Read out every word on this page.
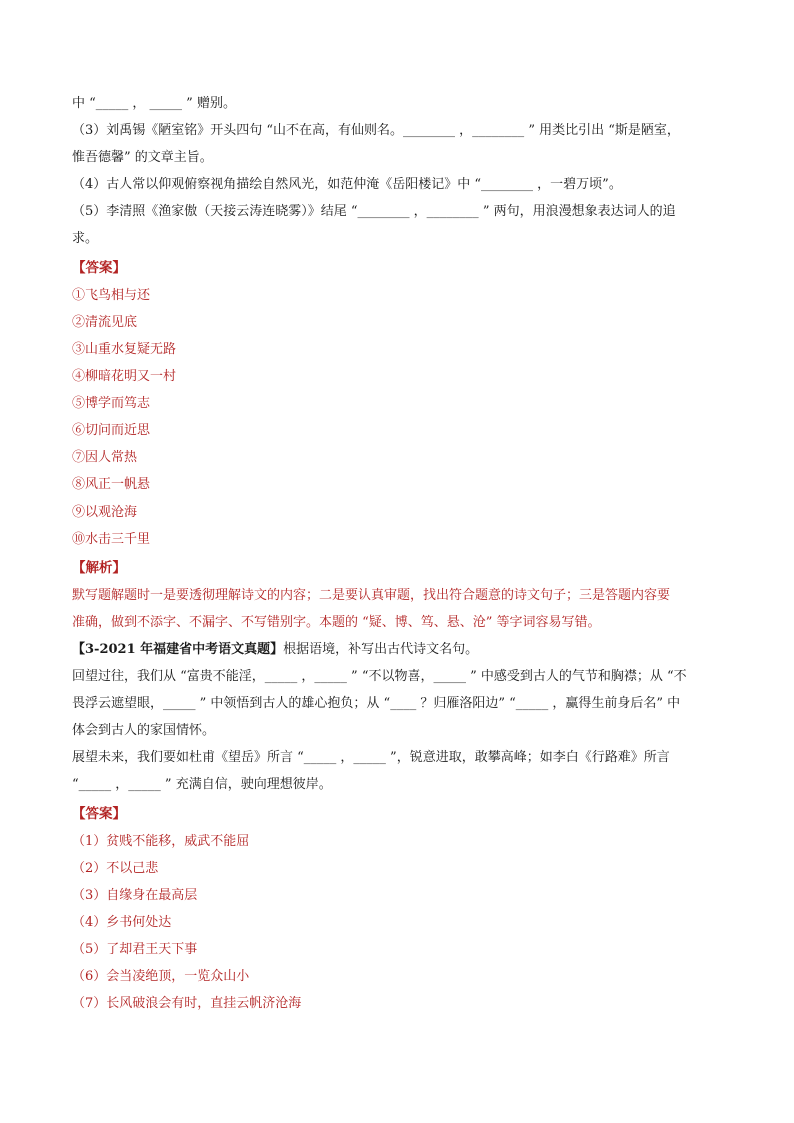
中 “_____ ， _____ ” 赠别。
（3）刘禹锡《陋室铭》开头四句 “山不在高，有仙则名。________ ，________ ” 用类比引出 “斯是陋室，
惟吾德馨” 的文章主旨。
（4）古人常以仰观俯察视角描绘自然风光，如范仲淹《岳阳楼记》中 “________ ，一碧万顷”。
（5）李清照《渔家傲（天接云涛连晓雾）》结尾 “________ ，________ ” 两句，用浪漫想象表达词人的追
求。
【答案】
①飞鸟相与还
②清流见底
③山重水复疑无路
④柳暗花明又一村
⑤博学而笃志
⑥切问而近思
⑦因人常热
⑧风正一帆悬
⑨以观沧海
⑩水击三千里
【解析】
默写题解题时一是要透彻理解诗文的内容；二是要认真审题，找出符合题意的诗文句子；三是答题内容要
准确，做到不添字、不漏字、不写错别字。本题的 “疑、博、笃、悬、沧” 等字词容易写错。
【3-2021 年福建省中考语文真题】根据语境，补写出古代诗文名句。
回望过往，我们从 “富贵不能淫，_____ ，_____ ” “不以物喜，_____ ” 中感受到古人的气节和胸襟；从 “不
畏浮云遮望眼，_____ ” 中领悟到古人的雄心抱负；从 “____ ？归雁洛阳边” “_____ ，赢得生前身后名” 中
体会到古人的家国情怀。
展望未来，我们要如杜甫《望岳》所言 “_____ ，_____ ”，锐意进取，敢攀高峰；如李白《行路难》所言
“_____ ，_____ ” 充满自信，驶向理想彼岸。
【答案】
（1）贫贱不能移，威武不能屈
（2）不以己悲
（3）自缘身在最高层
（4）乡书何处达
（5）了却君王天下事
（6）会当凌绝顶，一览众山小
（7）长风破浪会有时，直挂云帆济沧海
